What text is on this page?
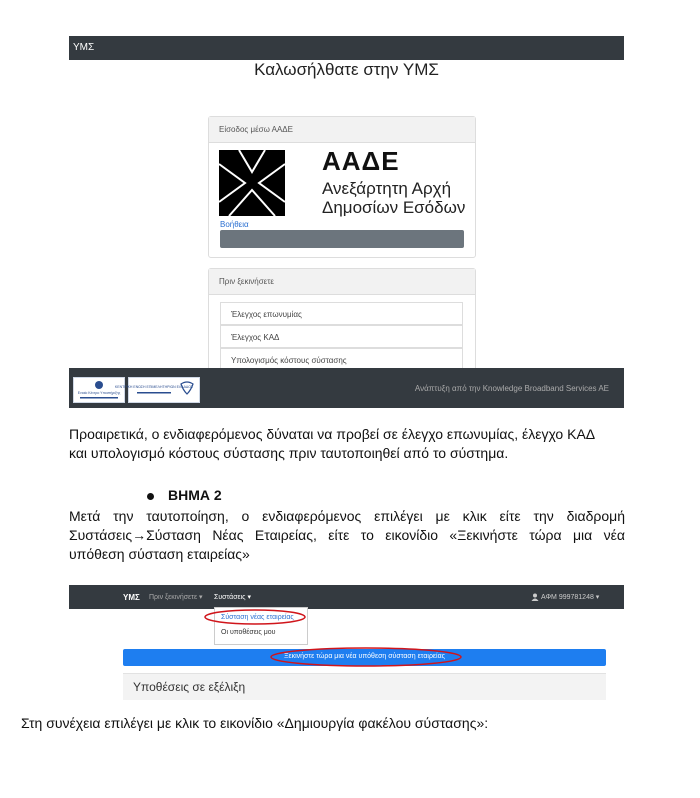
ΥΜΣ
Καλωσήλθατε στην ΥΜΣ
Είσοδος μέσω ΑΑΔΕ
ΑΑΔΕ
Ανεξάρτητη Αρχή
Δημοσίων Εσόδων
Βοήθεια
Πριν ξεκινήσετε
Έλεγχος επωνυμίας
Έλεγχος ΚΑΔ
Υπολογισμός κόστους σύστασης
Ενιαίο Κέντρο Υποστήριξης
ΚΕΝΤΡΙΚΗ ΕΝΩΣΗ ΕΠΙΜΕΛΗΤΗΡΙΩΝ ΕΛΛΑΔΟΣ	Ανάπτυξη από την Knowledge Broadband Services AE
Προαιρετικά, ο ενδιαφερόμενος δύναται να προβεί σε έλεγχο επωνυμίας, έλεγχο ΚΑΔ
και υπολογισμό κόστους σύστασης πριν ταυτοποιηθεί από το σύστημα.
ΒΗΜΑ 2
Μετά την ταυτοποίηση, ο ενδιαφερόμενος επιλέγει με κλικ είτε την διαδρομή
Συστάσεις→Σύσταση Νέας Εταιρείας, είτε το εικονίδιο «Ξεκινήστε τώρα μια νέα
υπόθεση σύσταση εταιρείας»
ΥΜΣ Πριν ξεκινήσετε ▾ Συστάσεις ▾	ΑΦΜ 999781248 ▾
Σύσταση νέας εταιρείας
Οι υποθέσεις μου
Ξεκινήστε τώρα μια νέα υπόθεση σύσταση εταιρείας
Υποθέσεις σε εξέλιξη
Στη συνέχεια επιλέγει με κλικ το εικονίδιο «Δημιουργία φακέλου σύστασης»:
